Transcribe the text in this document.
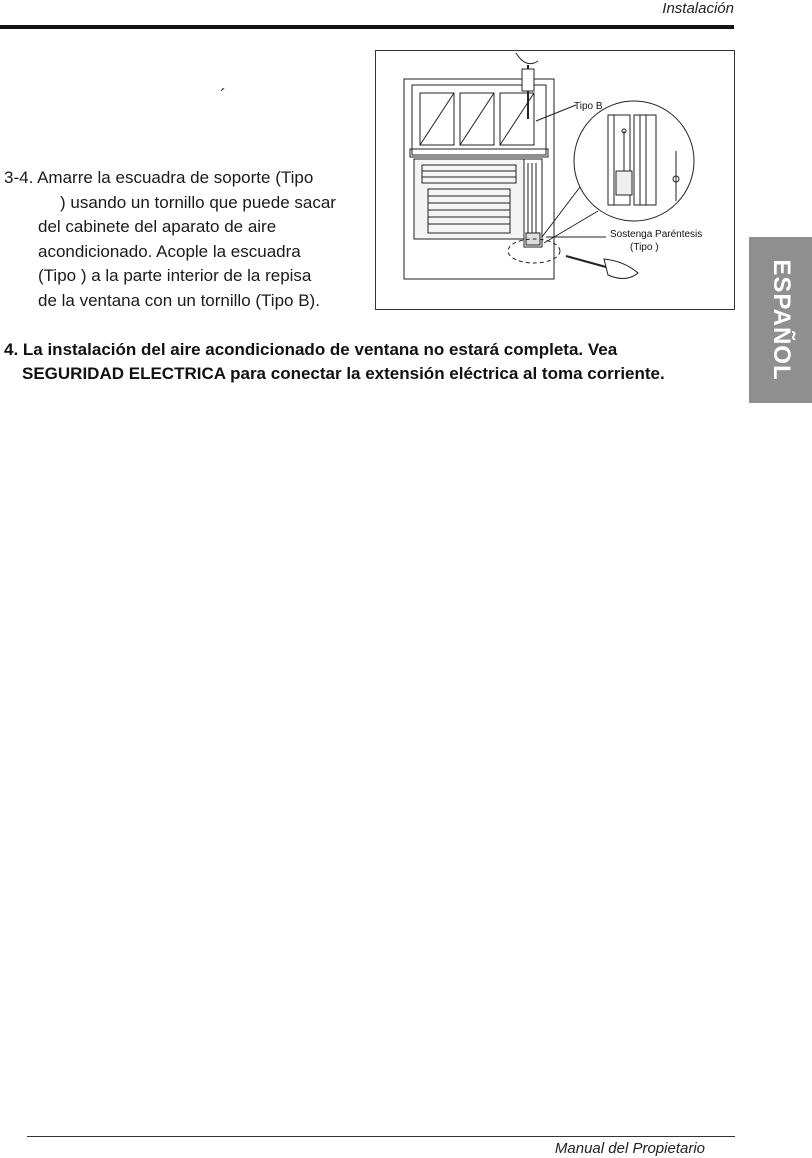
Instalación
´
3-4. Amarre la escuadra de soporte (Tipo
) usando un tornillo que puede sacar
del cabinete del aparato de aire
acondicionado. Acople la escuadra
(Tipo ) a la parte interior de la repisa
de la ventana con un tornillo (Tipo B).
Tipo B
Sostenga Paréntesis
(Tipo )
4. La instalación del aire acondicionado de ventana no estará completa. Vea
SEGURIDAD ELECTRICA para conectar la extensión eléctrica al toma corriente.	ESPAÑOL
Manual del Propietario
